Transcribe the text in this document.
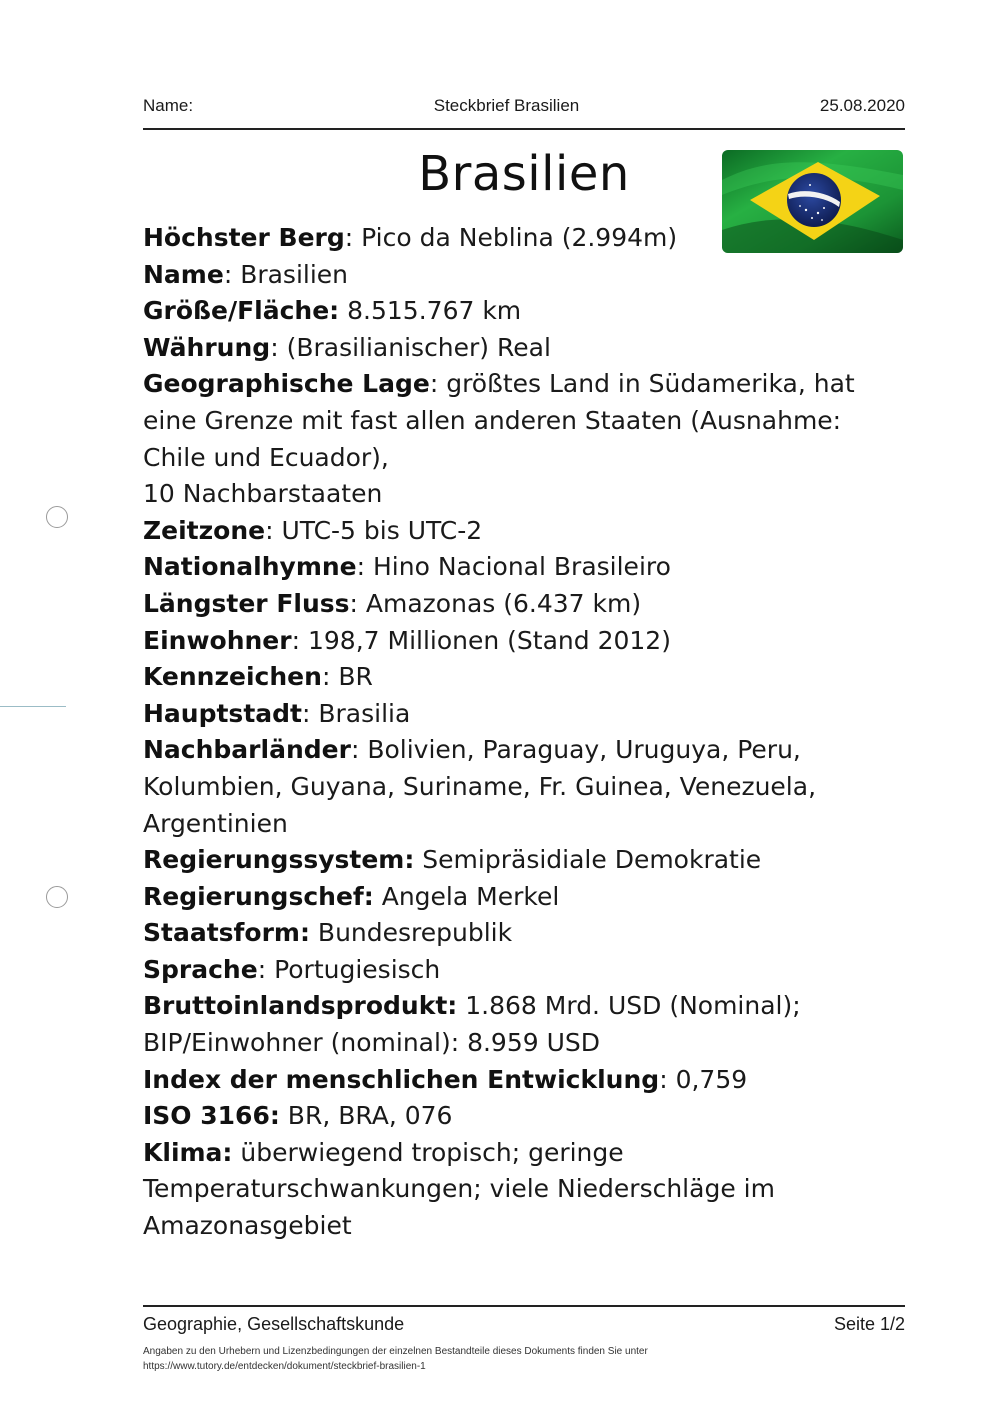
Name:	Steckbrief Brasilien	25.08.2020
Brasilien
Höchster Berg: Pico da Neblina (2.994m)
Name: Brasilien
Größe/Fläche: 8.515.767 km
Währung: (Brasilianischer) Real
Geographische Lage: größtes Land in Südamerika, hat eine Grenze mit fast allen anderen Staaten (Ausnahme: Chile und Ecuador),
10 Nachbarstaaten
Zeitzone: UTC-5 bis UTC-2
Nationalhymne: Hino Nacional Brasileiro
Längster Fluss: Amazonas (6.437 km)
Einwohner: 198,7 Millionen (Stand 2012)
Kennzeichen: BR
Hauptstadt: Brasilia
Nachbarländer: Bolivien, Paraguay, Uruguya, Peru, Kolumbien, Guyana, Suriname, Fr. Guinea, Venezuela, Argentinien
Regierungssystem: Semipräsidiale Demokratie
Regierungschef: Angela Merkel
Staatsform: Bundesrepublik
Sprache: Portugiesisch
Bruttoinlandsprodukt: 1.868 Mrd. USD (Nominal);
BIP/Einwohner (nominal): 8.959 USD
Index der menschlichen Entwicklung: 0,759
ISO 3166: BR, BRA, 076
Klima: überwiegend tropisch; geringe Temperaturschwankungen; viele Niederschläge im Amazonasgebiet
Geographie, Gesellschaftskunde	Seite 1/2
Angaben zu den Urhebern und Lizenzbedingungen der einzelnen Bestandteile dieses Dokuments finden Sie unter
https://www.tutory.de/entdecken/dokument/steckbrief-brasilien-1
